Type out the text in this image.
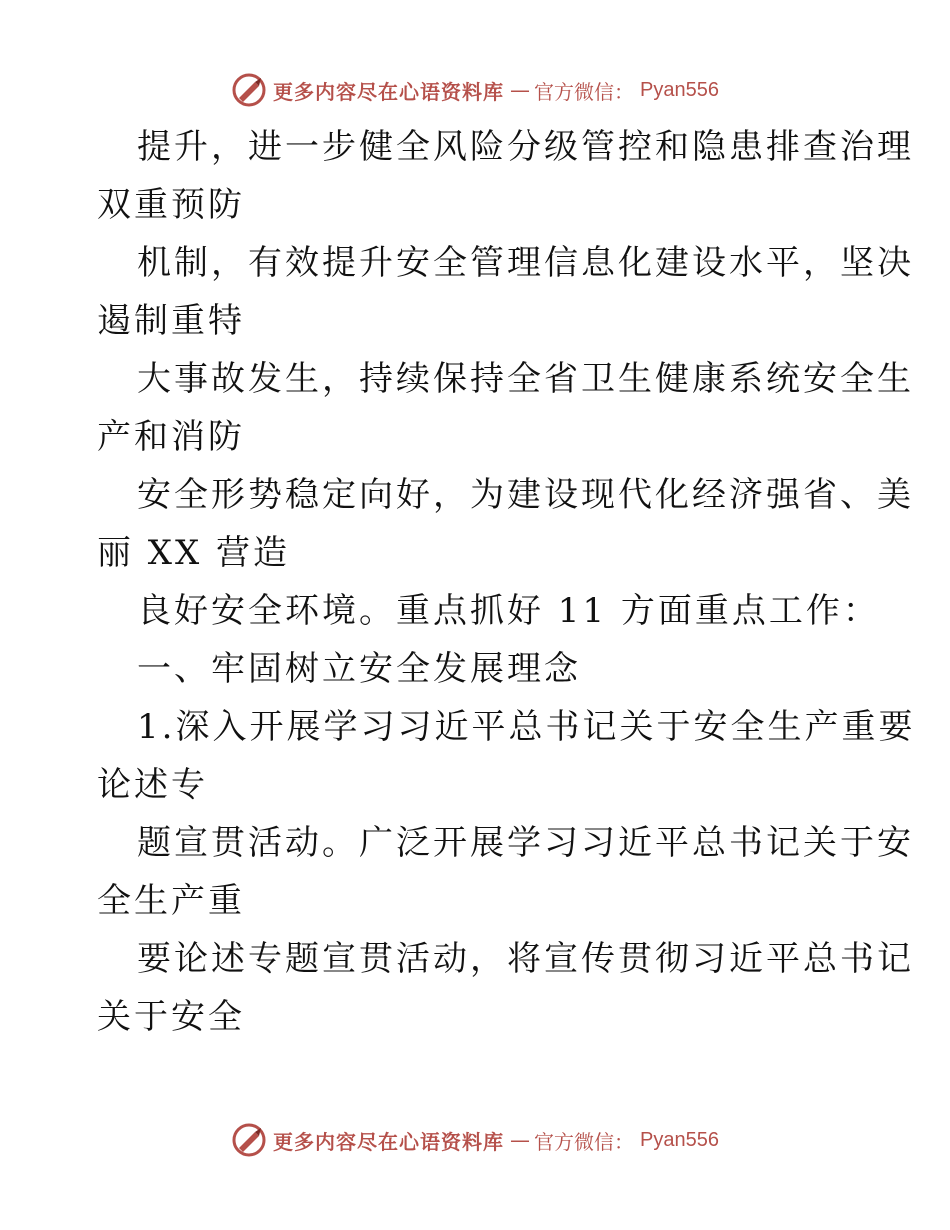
更多内容尽在心语资料库 — 官方微信： Pyan556

提升，进一步健全风险分级管控和隐患排查治理
双重预防

机制，有效提升安全管理信息化建设水平，坚决
遏制重特

大事故发生，持续保持全省卫生健康系统安全生
产和消防

安全形势稳定向好，为建设现代化经济强省、美
丽 XX 营造

良好安全环境。重点抓好 11 方面重点工作：

一、牢固树立安全发展理念

1.深入开展学习习近平总书记关于安全生产重要
论述专

题宣贯活动。广泛开展学习习近平总书记关于安
全生产重

要论述专题宣贯活动，将宣传贯彻习近平总书记
关于安全

更多内容尽在心语资料库 — 官方微信： Pyan556
